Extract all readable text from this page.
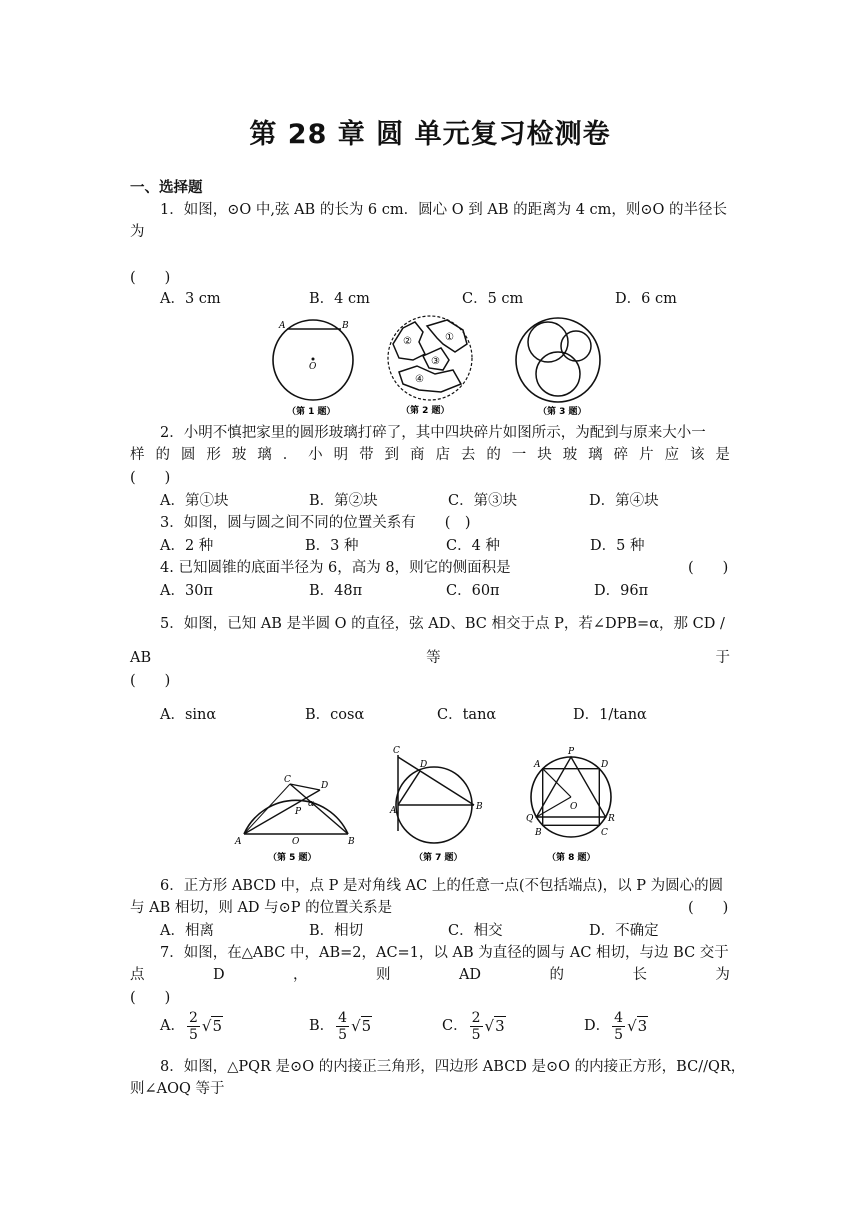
第 28 章 圆 单元复习检测卷
一、选择题
1．如图，⊙O 中,弦 AB 的长为 6 cm．圆心 O 到 AB 的距离为 4 cm，则⊙O 的半径长
为
(　　)
A．3 cm	B．4 cm	C．5 cm	D．6 cm
A	B
O
（第 1 题）
②	①
③
④
（第 2 题）	（第 3 题）
2．小明不慎把家里的圆形玻璃打碎了，其中四块碎片如图所示，为配到与原来大小一
样 的 圆 形 玻 璃 ． 小 明 带 到 商 店 去 的 一 块 玻 璃 碎 片 应 该 是
(　　)
A．第①块	B．第②块	C．第③块	D．第④块
3．如图，圆与圆之间不同的位置关系有　　(　)
A．2 种	B．3 种	C．4 种	D．5 种
4. 已知圆锥的底面半径为 6，高为 8，则它的侧面积是	(　　)
A．30π	B．48π	C．60π	D．96π
5．如图，已知 AB 是半圆 O 的直径，弦 AD、BC 相交于点 P，若∠DPB=α，那 CD /
AB	等	于
(　　)
A．sinα	B．cosα	C．tanα	D．1/tanα
A	B
C
D
P
α
O
（第 5 题）
C
D
A	B
（第 7 题）
A
P
D
O
Q	R
B	C
（第 8 题）
6．正方形 ABCD 中，点 P 是对角线 AC 上的任意一点(不包括端点)，以 P 为圆心的圆
与 AB 相切，则 AD 与⊙P 的位置关系是	(　　)
A．相离	B．相切	C．相交	D．不确定
7．如图，在△ABC 中，AB=2，AC=1，以 AB 为直径的圆与 AC 相切，与边 BC 交于
点	D	，	则	AD	的	长	为
(　　)
A． $\frac{2}{5} √5$	B． $\frac{4}{5} √5$	C． $\frac{2}{5} √3$	D． $\frac{4}{5} √3$
8．如图，△PQR 是⊙O 的内接正三角形，四边形 ABCD 是⊙O 的内接正方形，BC//QR，
则∠AOQ 等于
